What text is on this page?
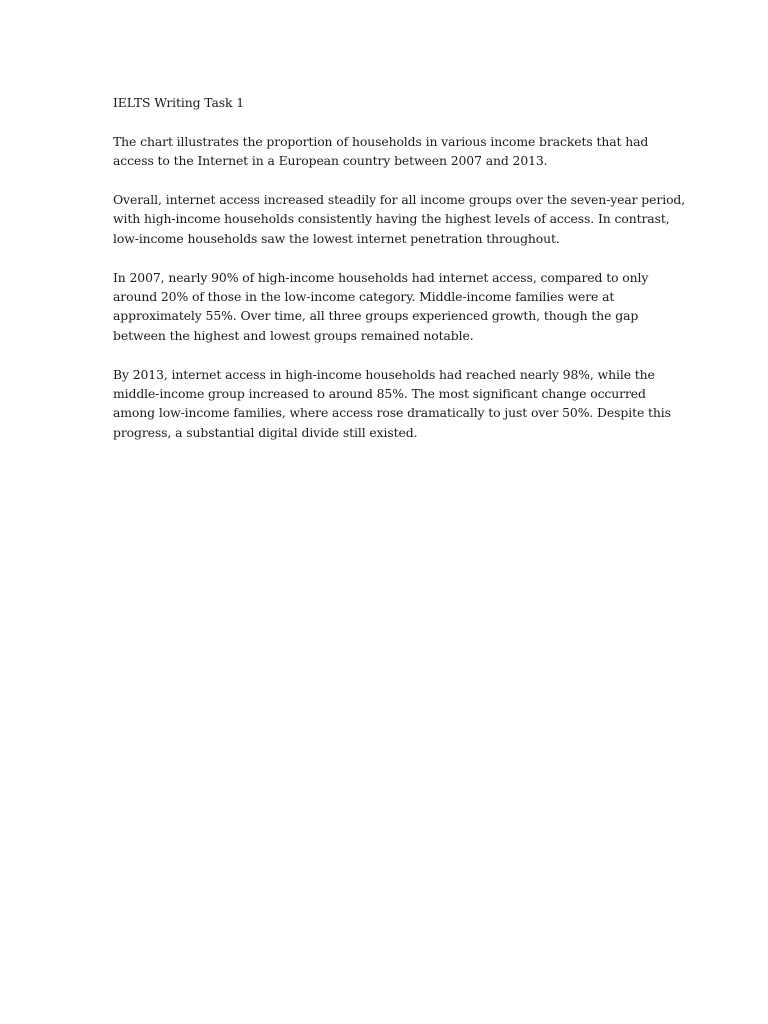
IELTS Writing Task 1
The chart illustrates the proportion of households in various income brackets that had
access to the Internet in a European country between 2007 and 2013.
Overall, internet access increased steadily for all income groups over the seven-year period,
with high-income households consistently having the highest levels of access. In contrast,
low-income households saw the lowest internet penetration throughout.
In 2007, nearly 90% of high-income households had internet access, compared to only
around 20% of those in the low-income category. Middle-income families were at
approximately 55%. Over time, all three groups experienced growth, though the gap
between the highest and lowest groups remained notable.
By 2013, internet access in high-income households had reached nearly 98%, while the
middle-income group increased to around 85%. The most significant change occurred
among low-income families, where access rose dramatically to just over 50%. Despite this
progress, a substantial digital divide still existed.
